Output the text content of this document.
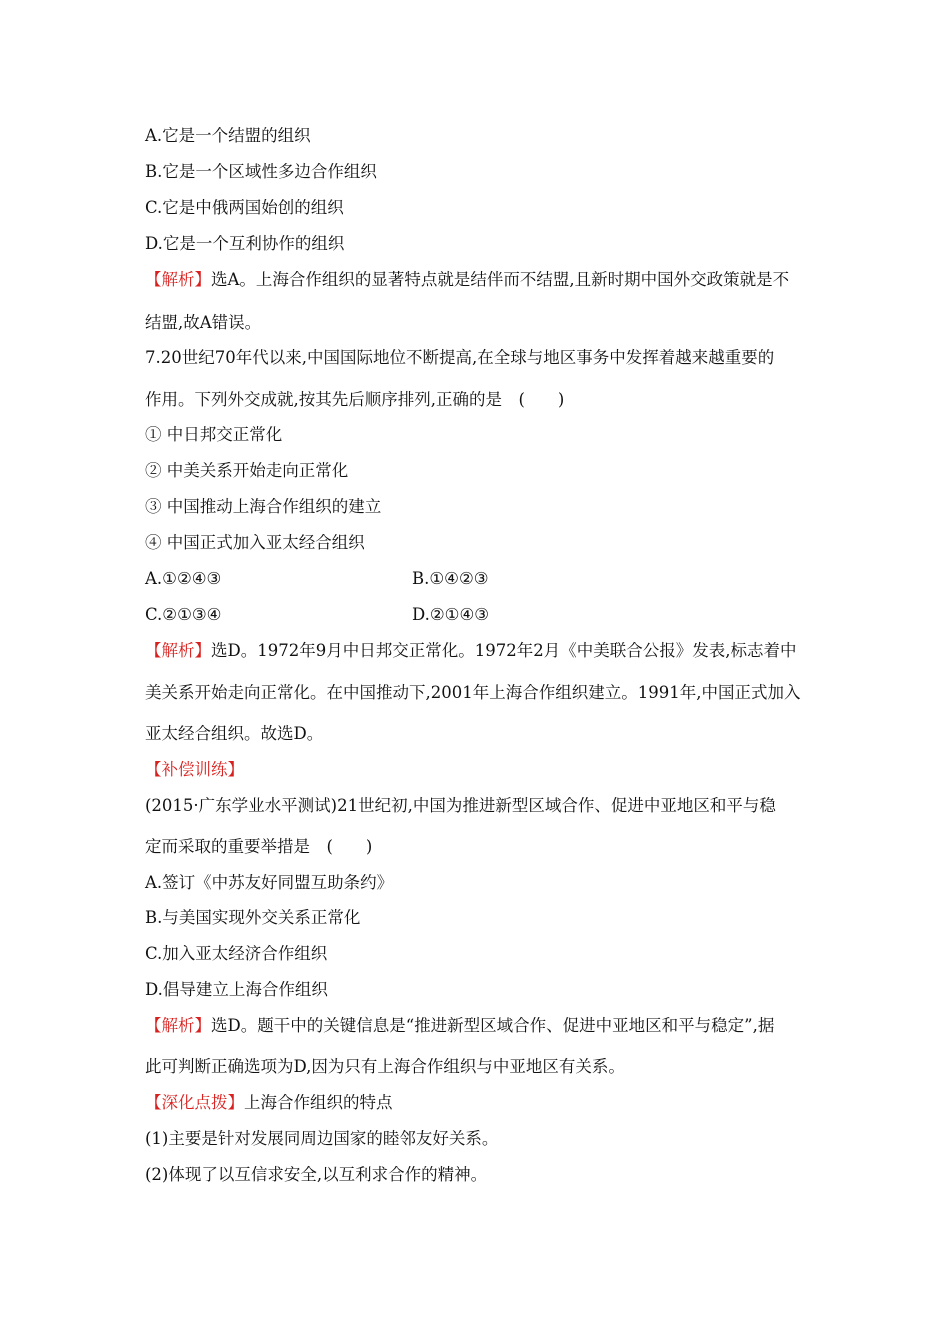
A.它是一个结盟的组织
B.它是一个区域性多边合作组织
C.它是中俄两国始创的组织
D.它是一个互利协作的组织
【解析】选A。上海合作组织的显著特点就是结伴而不结盟,且新时期中国外交政策就是不
结盟,故A错误。
7.20世纪70年代以来,中国国际地位不断提高,在全球与地区事务中发挥着越来越重要的
作用。下列外交成就,按其先后顺序排列,正确的是　(　　)
① 中日邦交正常化
② 中美关系开始走向正常化
③ 中国推动上海合作组织的建立
④ 中国正式加入亚太经合组织
A.①②④③	B.①④②③
C.②①③④	D.②①④③
【解析】选D。1972年9月中日邦交正常化。1972年2月《中美联合公报》发表,标志着中
美关系开始走向正常化。在中国推动下,2001年上海合作组织建立。1991年,中国正式加入
亚太经合组织。故选D。
【补偿训练】
(2015·广东学业水平测试)21世纪初,中国为推进新型区域合作、促进中亚地区和平与稳
定而采取的重要举措是　(　　)
A.签订《中苏友好同盟互助条约》
B.与美国实现外交关系正常化
C.加入亚太经济合作组织
D.倡导建立上海合作组织
【解析】选D。题干中的关键信息是“推进新型区域合作、促进中亚地区和平与稳定”,据
此可判断正确选项为D,因为只有上海合作组织与中亚地区有关系。
【深化点拨】上海合作组织的特点
(1)主要是针对发展同周边国家的睦邻友好关系。
(2)体现了以互信求安全,以互利求合作的精神。
